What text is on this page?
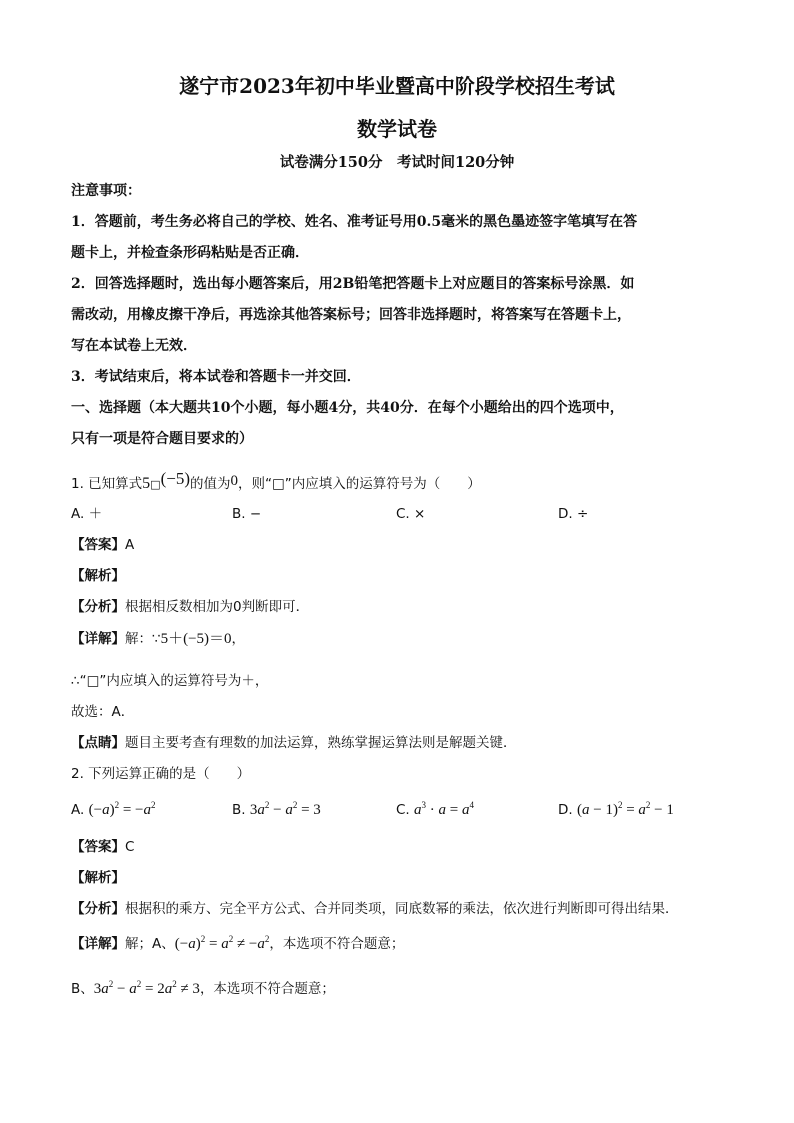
遂宁市2023年初中毕业暨高中阶段学校招生考试
数学试卷
试卷满分150分　考试时间120分钟
注意事项：
1．答题前，考生务必将自己的学校、姓名、准考证号用0.5毫米的黑色墨迹签字笔填写在答
题卡上，并检查条形码粘贴是否正确．
2．回答选择题时，选出每小题答案后，用2B铅笔把答题卡上对应题目的答案标号涂黑．如
需改动，用橡皮擦干净后，再选涂其他答案标号；回答非选择题时，将答案写在答题卡上，
写在本试卷上无效．
3．考试结束后，将本试卷和答题卡一并交回．
一、选择题（本大题共10个小题，每小题4分，共40分．在每个小题给出的四个选项中，
只有一项是符合题目要求的）
1. 已知算式5□(−5)的值为0，则“□”内应填入的运算符号为（　　）
A. ＋	B. −	C. ×	D. ÷
【答案】A
【解析】
【分析】根据相反数相加为0判断即可．
【详解】解：∵5＋(−5)＝0，
∴“□”内应填入的运算符号为＋，
故选：A．
【点睛】题目主要考查有理数的加法运算，熟练掌握运算法则是解题关键．
2. 下列运算正确的是（　　）
A. $(-a)^2 = -a^2$	B. $3a^2 - a^2 = 3$	C. $a^3 \cdot a = a^4$	D. $(a - 1)^2 = a^2 - 1$
【答案】C
【解析】
【分析】根据积的乘方、完全平方公式、合并同类项，同底数幂的乘法，依次进行判断即可得出结果．
【详解】解；A、$(-a)^2 = a^2 \ne -a^2$，本选项不符合题意；
B、$3a^2 - a^2 = 2a^2 \ne 3$，本选项不符合题意；
